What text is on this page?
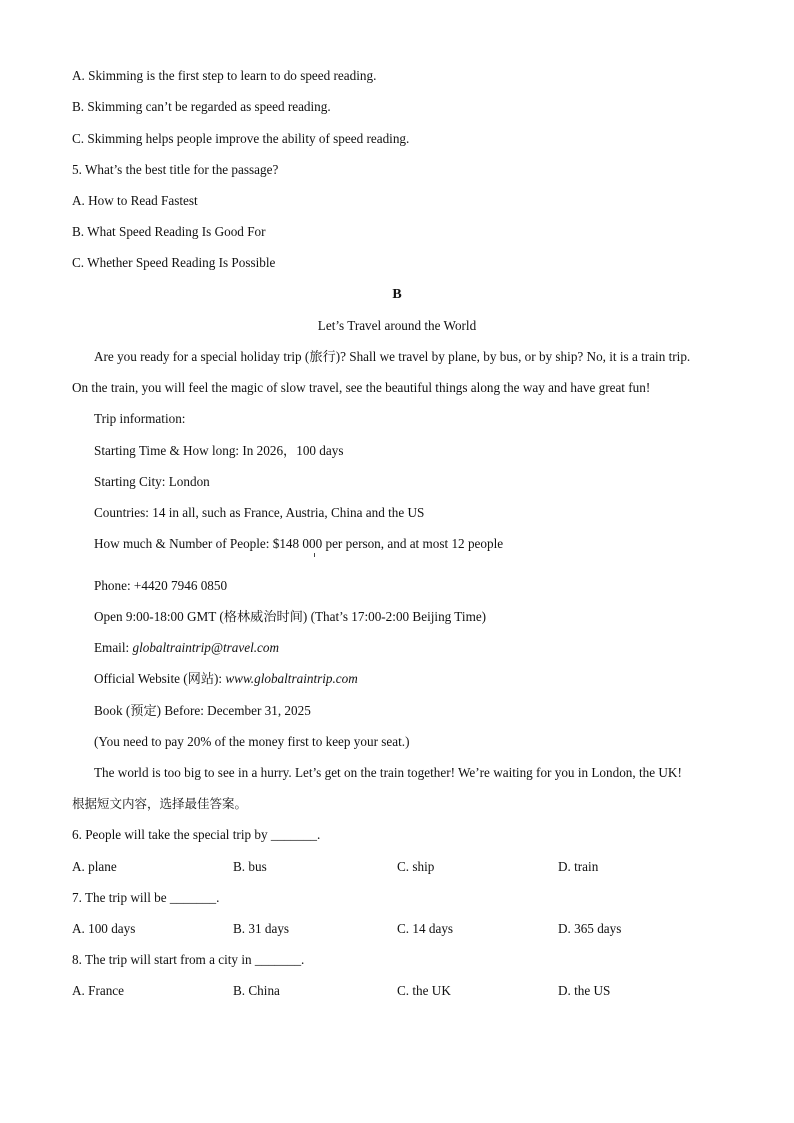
A. Skimming is the first step to learn to do speed reading.
B. Skimming can’t be regarded as speed reading.
C. Skimming helps people improve the ability of speed reading.
5. What’s the best title for the passage?
A. How to Read Fastest
B. What Speed Reading Is Good For
C. Whether Speed Reading Is Possible
B
Let’s Travel around the World
Are you ready for a special holiday trip (旅行)? Shall we travel by plane, by bus, or by ship? No, it is a train trip.
On the train, you will feel the magic of slow travel, see the beautiful things along the way and have great fun!
Trip information:
Starting Time & How long: In 2026，100 days
Starting City: London
Countries: 14 in all, such as France, Austria, China and the US
How much & Number of People: $148 000 per person, and at most 12 people
Phone: +4420 7946 0850
Open 9:00-18:00 GMT (格林威治时间) (That’s 17:00-2:00 Beijing Time)
Email: globaltraintrip@travel.com
Official Website (网站): www.globaltraintrip.com
Book (预定) Before: December 31, 2025
(You need to pay 20% of the money first to keep your seat.)
The world is too big to see in a hurry. Let’s get on the train together! We’re waiting for you in London, the UK!
根据短文内容，选择最佳答案。
6. People will take the special trip by _______.
A. plane	B. bus	C. ship	D. train
7. The trip will be _______.
A. 100 days	B. 31 days	C. 14 days	D. 365 days
8. The trip will start from a city in _______.
A. France	B. China	C. the UK	D. the US
